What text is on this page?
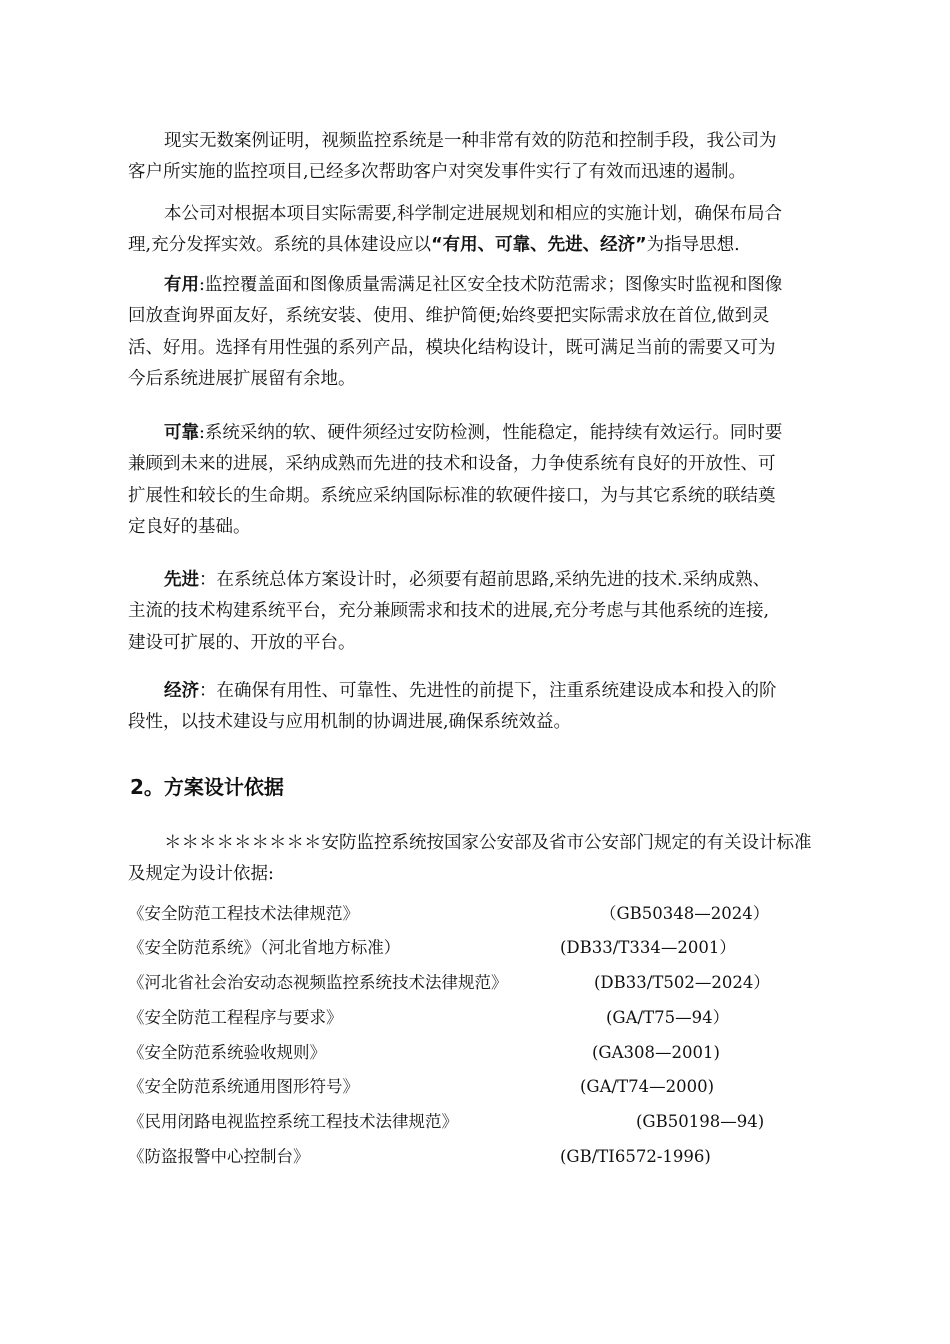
现实无数案例证明，视频监控系统是一种非常有效的防范和控制手段，我公司为
客户所实施的监控项目,已经多次帮助客户对突发事件实行了有效而迅速的遏制。
本公司对根据本项目实际需要,科学制定进展规划和相应的实施计划，确保布局合
理,充分发挥实效。系统的具体建设应以“有用、可靠、先进、经济”为指导思想.
有用:监控覆盖面和图像质量需满足社区安全技术防范需求；图像实时监视和图像
回放查询界面友好，系统安装、使用、维护简便;始终要把实际需求放在首位,做到灵
活、好用。选择有用性强的系列产品，模块化结构设计，既可满足当前的需要又可为
今后系统进展扩展留有余地。
可靠:系统采纳的软、硬件须经过安防检测，性能稳定，能持续有效运行。同时要
兼顾到未来的进展，采纳成熟而先进的技术和设备，力争使系统有良好的开放性、可
扩展性和较长的生命期。系统应采纳国际标准的软硬件接口，为与其它系统的联结奠
定良好的基础。
先进：在系统总体方案设计时，必须要有超前思路,采纳先进的技术.采纳成熟、
主流的技术构建系统平台，充分兼顾需求和技术的进展,充分考虑与其他系统的连接,
建设可扩展的、开放的平台。
经济：在确保有用性、可靠性、先进性的前提下，注重系统建设成本和投入的阶
段性，以技术建设与应用机制的协调进展,确保系统效益。
2。方案设计依据
＊＊＊＊＊＊＊＊＊安防监控系统按国家公安部及省市公安部门规定的有关设计标准
及规定为设计依据:
《安全防范工程技术法律规范》	（GB50348—2024）
《安全防范系统》（河北省地方标准）	(DB33/T334—2001）
《河北省社会治安动态视频监控系统技术法律规范》	(DB33/T502—2024）
《安全防范工程程序与要求》	(GA/T75—94）
《安全防范系统验收规则》	(GA308—2001)
《安全防范系统通用图形符号》	(GA/T74—2000)
《民用闭路电视监控系统工程技术法律规范》	(GB50198—94)
《防盗报警中心控制台》	(GB/TI6572-1996)
